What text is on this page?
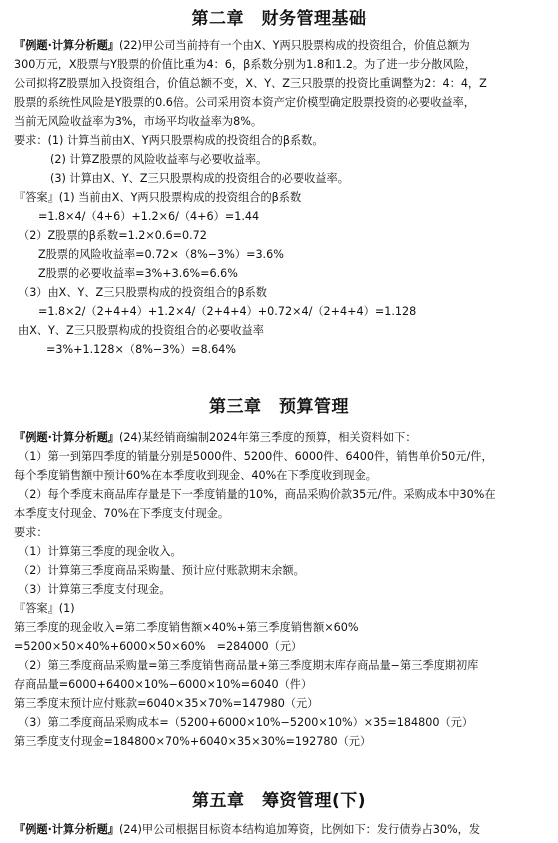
第二章　财务管理基础
『例题·计算分析题』(22)甲公司当前持有一个由X、Y两只股票构成的投资组合，价值总额为
300万元，X股票与Y股票的价值比重为4：6，β系数分别为1.8和1.2。为了进一步分散风险，
公司拟将Z股票加入投资组合，价值总额不变，X、Y、Z三只股票的投资比重调整为2：4：4，Z
股票的系统性风险是Y股票的0.6倍。公司采用资本资产定价模型确定股票投资的必要收益率，
当前无风险收益率为3%，市场平均收益率为8%。
要求：(1) 计算当前由X、Y两只股票构成的投资组合的β系数。
(2) 计算Z股票的风险收益率与必要收益率。
(3) 计算由X、Y、Z三只股票构成的投资组合的必要收益率。
『答案』(1) 当前由X、Y两只股票构成的投资组合的β系数
=1.8×4/（4+6）+1.2×6/（4+6）=1.44
（2）Z股票的β系数=1.2×0.6=0.72
Z股票的风险收益率=0.72×（8%−3%）=3.6%
Z股票的必要收益率=3%+3.6%=6.6%
（3）由X、Y、Z三只股票构成的投资组合的β系数
=1.8×2/（2+4+4）+1.2×4/（2+4+4）+0.72×4/（2+4+4）=1.128
由X、Y、Z三只股票构成的投资组合的必要收益率
=3%+1.128×（8%−3%）=8.64%
第三章　预算管理
『例题·计算分析题』(24)某经销商编制2024年第三季度的预算，相关资料如下：
（1）第一到第四季度的销量分别是5000件、5200件、6000件、6400件，销售单价50元/件，
每个季度销售额中预计60%在本季度收到现金、40%在下季度收到现金。
（2）每个季度末商品库存量是下一季度销量的10%，商品采购价款35元/件。采购成本中30%在
本季度支付现金、70%在下季度支付现金。
要求：
（1）计算第三季度的现金收入。
（2）计算第三季度商品采购量、预计应付账款期末余额。
（3）计算第三季度支付现金。
『答案』(1)
第三季度的现金收入=第二季度销售额×40%+第三季度销售额×60%
=5200×50×40%+6000×50×60%　=284000（元）
（2）第三季度商品采购量=第三季度销售商品量+第三季度期末库存商品量−第三季度期初库
存商品量=6000+6400×10%−6000×10%=6040（件）
第三季度末预计应付账款=6040×35×70%=147980（元）
（3）第二季度商品采购成本=（5200+6000×10%−5200×10%）×35=184800（元）
第三季度支付现金=184800×70%+6040×35×30%=192780（元）
第五章　筹资管理(下)
『例题·计算分析题』(24)甲公司根据目标资本结构追加筹资，比例如下：发行债券占30%，发
